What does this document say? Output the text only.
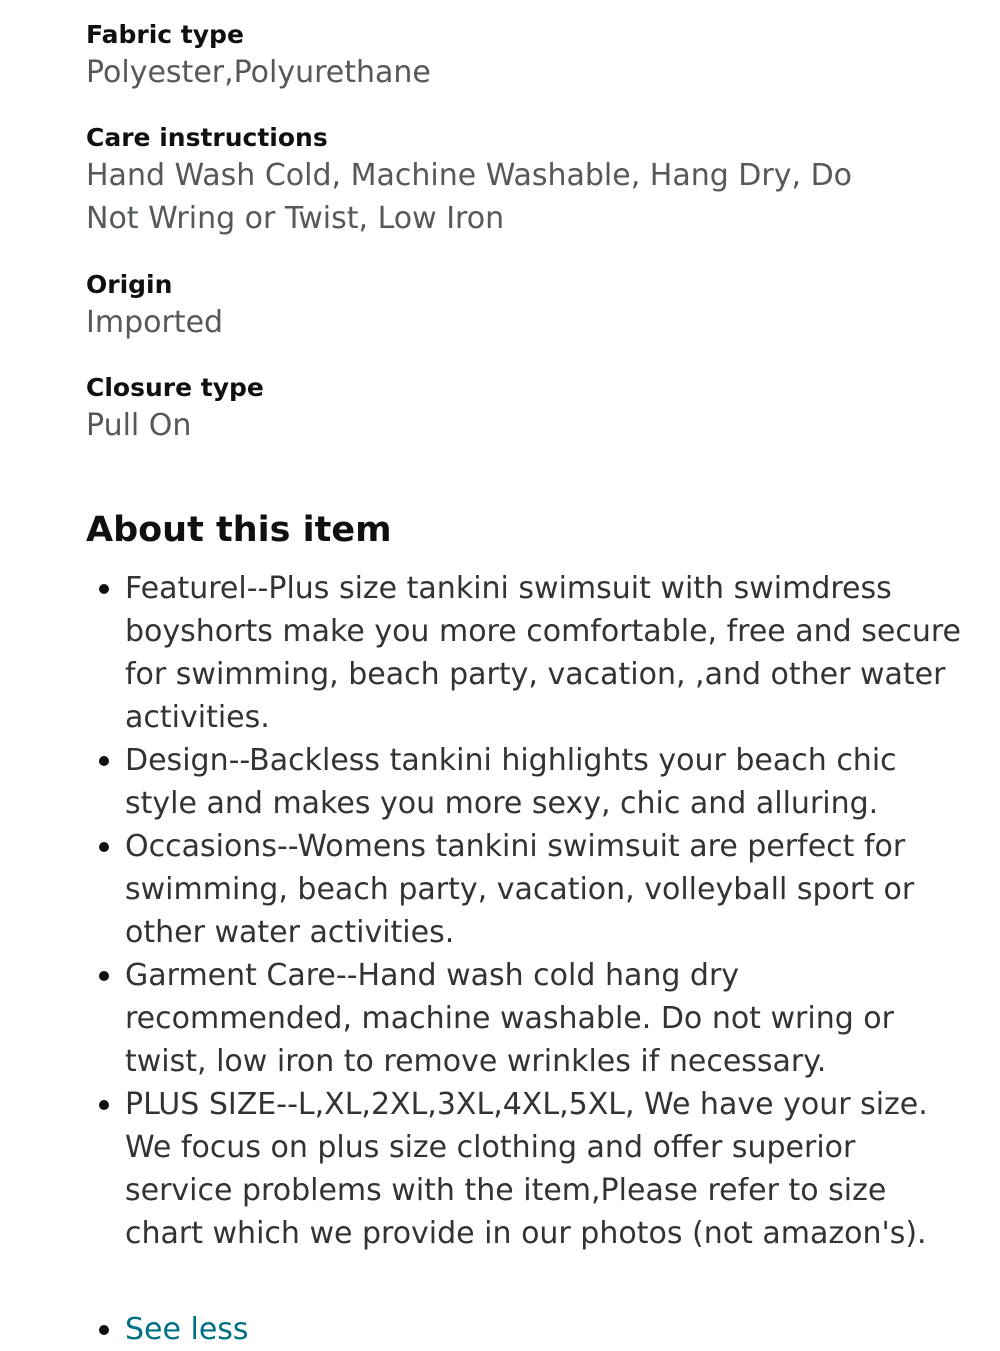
Fabric type
Polyester,Polyurethane
Care instructions
Hand Wash Cold, Machine Washable, Hang Dry, Do Not Wring or Twist, Low Iron
Origin
Imported
Closure type
Pull On
About this item
Featurel--Plus size tankini swimsuit with swimdress boyshorts make you more comfortable, free and secure for swimming, beach party, vacation, ,and other water activities.
Design--Backless tankini highlights your beach chic style and makes you more sexy, chic and alluring.
Occasions--Womens tankini swimsuit are perfect for swimming, beach party, vacation, volleyball sport or other water activities.
Garment Care--Hand wash cold hang dry recommended, machine washable. Do not wring or twist, low iron to remove wrinkles if necessary.
PLUS SIZE--L,XL,2XL,3XL,4XL,5XL, We have your size. We focus on plus size clothing and offer superior service problems with the item,Please refer to size chart which we provide in our photos (not amazon's).
See less
